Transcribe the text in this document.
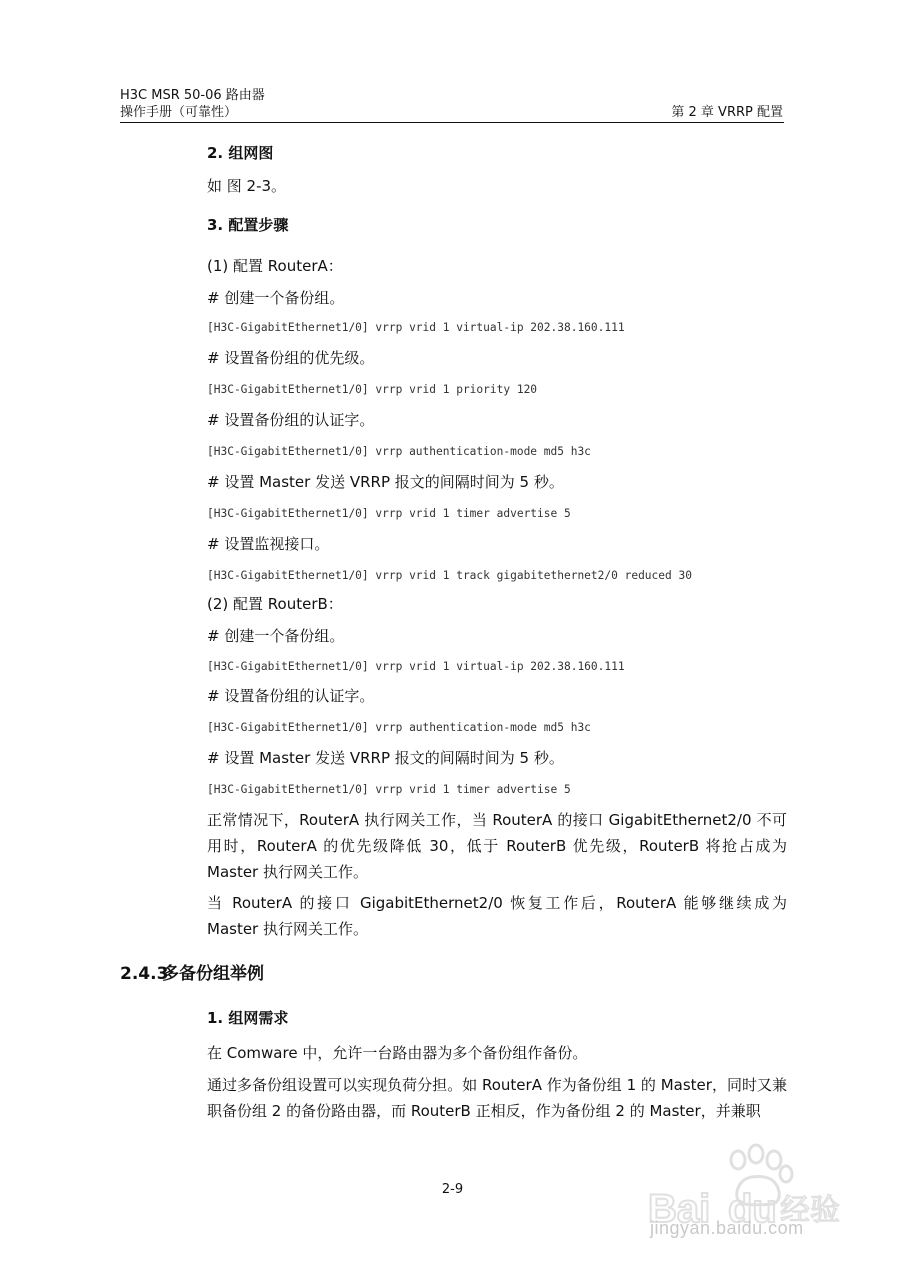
H3C MSR 50-06 路由器
操作手册（可靠性）	第 2 章 VRRP 配置
2. 组网图
如 图 2-3。
3. 配置步骤
(1) 配置 RouterA：
# 创建一个备份组。
[H3C-GigabitEthernet1/0] vrrp vrid 1 virtual-ip 202.38.160.111
# 设置备份组的优先级。
[H3C-GigabitEthernet1/0] vrrp vrid 1 priority 120
# 设置备份组的认证字。
[H3C-GigabitEthernet1/0] vrrp authentication-mode md5 h3c
# 设置 Master 发送 VRRP 报文的间隔时间为 5 秒。
[H3C-GigabitEthernet1/0] vrrp vrid 1 timer advertise 5
# 设置监视接口。
[H3C-GigabitEthernet1/0] vrrp vrid 1 track gigabitethernet2/0 reduced 30
(2) 配置 RouterB：
# 创建一个备份组。
[H3C-GigabitEthernet1/0] vrrp vrid 1 virtual-ip 202.38.160.111
# 设置备份组的认证字。
[H3C-GigabitEthernet1/0] vrrp authentication-mode md5 h3c
# 设置 Master 发送 VRRP 报文的间隔时间为 5 秒。
[H3C-GigabitEthernet1/0] vrrp vrid 1 timer advertise 5
正常情况下，RouterA 执行网关工作，当 RouterA 的接口 GigabitEthernet2/0 不可用时，RouterA 的优先级降低 30，低于 RouterB 优先级，RouterB 将抢占成为 Master 执行网关工作。
当 RouterA 的接口 GigabitEthernet2/0 恢复工作后，RouterA 能够继续成为 Master 执行网关工作。
2.4.3多备份组举例
1. 组网需求
在 Comware 中，允许一台路由器为多个备份组作备份。
通过多备份组设置可以实现负荷分担。如 RouterA 作为备份组 1 的 Master，同时又兼职备份组 2 的备份路由器，而 RouterB 正相反，作为备份组 2 的 Master，并兼职
2-9	Bai du 经验
jingyan.baidu.com
